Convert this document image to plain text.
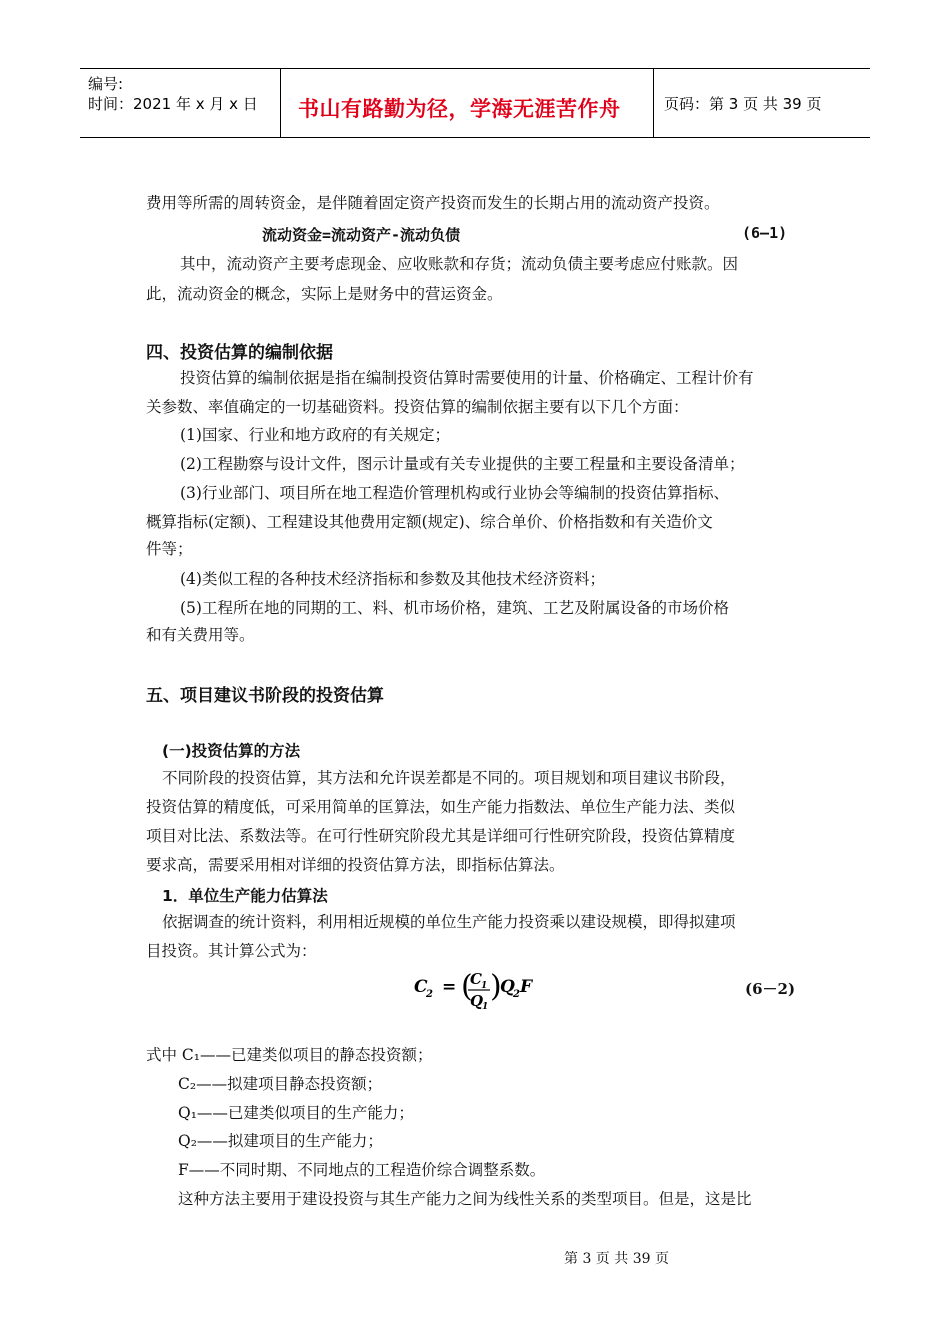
编号:
时间：2021 年 x 月 x 日 书山有路勤为径，学海无涯苦作舟	页码：第 3 页 共 39 页
费用等所需的周转资金，是伴随着固定资产投资而发生的长期占用的流动资产投资。
流动资金=流动资产-流动负债	(6—1)
其中，流动资产主要考虑现金、应收账款和存货；流动负债主要考虑应付账款。因
此，流动资金的概念，实际上是财务中的营运资金。
四、投资估算的编制依据
投资估算的编制依据是指在编制投资估算时需要使用的计量、价格确定、工程计价有
关参数、率值确定的一切基础资料。投资估算的编制依据主要有以下几个方面：
(1)国家、行业和地方政府的有关规定；
(2)工程勘察与设计文件，图示计量或有关专业提供的主要工程量和主要设备清单；
(3)行业部门、项目所在地工程造价管理机构或行业协会等编制的投资估算指标、
概算指标(定额)、工程建设其他费用定额(规定)、综合单价、价格指数和有关造价文
件等；
(4)类似工程的各种技术经济指标和参数及其他技术经济资料；
(5)工程所在地的同期的工、料、机市场价格，建筑、工艺及附属设备的市场价格
和有关费用等。
五、项目建议书阶段的投资估算
(一)投资估算的方法
不同阶段的投资估算，其方法和允许误差都是不同的。项目规划和项目建议书阶段，
投资估算的精度低，可采用简单的匡算法，如生产能力指数法、单位生产能力法、类似
项目对比法、系数法等。在可行性研究阶段尤其是详细可行性研究阶段，投资估算精度
要求高，需要采用相对详细的投资估算方法，即指标估算法。
1．单位生产能力估算法
依据调查的统计资料，利用相近规模的单位生产能力投资乘以建设规模，即得拟建项
目投资。其计算公式为：
C
2 = (
C 1
Q
1
)
Q
2 F	(6－2)
式中 C₁——已建类似项目的静态投资额；
C₂——拟建项目静态投资额；
Q₁——已建类似项目的生产能力；
Q₂——拟建项目的生产能力；
F——不同时期、不同地点的工程造价综合调整系数。
这种方法主要用于建设投资与其生产能力之间为线性关系的类型项目。但是，这是比
第 3 页 共 39 页
